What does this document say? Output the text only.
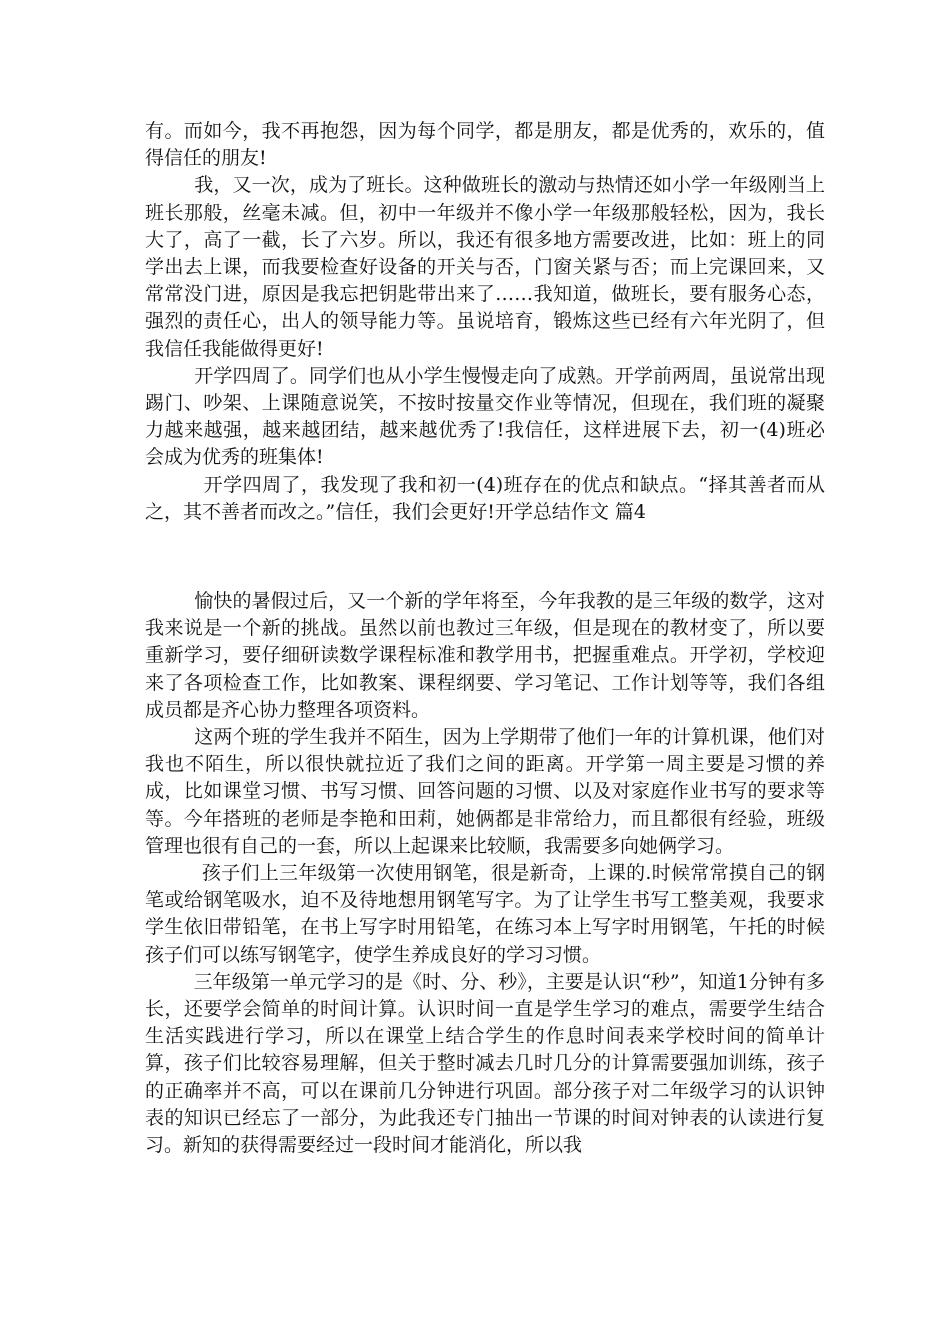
有。而如今，我不再抱怨，因为每个同学，都是朋友，都是优秀的，欢乐的，值得信任的朋友!

我，又一次，成为了班长。这种做班长的激动与热情还如小学一年级刚当上班长那般，丝毫未减。但，初中一年级并不像小学一年级那般轻松，因为，我长大了，高了一截，长了六岁。所以，我还有很多地方需要改进，比如：班上的同学出去上课，而我要检查好设备的开关与否，门窗关紧与否；而上完课回来，又常常没门进，原因是我忘把钥匙带出来了……我知道，做班长，要有服务心态，强烈的责任心，出人的领导能力等。虽说培育，锻炼这些已经有六年光阴了，但我信任我能做得更好!

开学四周了。同学们也从小学生慢慢走向了成熟。开学前两周，虽说常出现踢门、吵架、上课随意说笑，不按时按量交作业等情况，但现在，我们班的凝聚力越来越强，越来越团结，越来越优秀了!我信任，这样进展下去，初一(4)班必会成为优秀的班集体!

开学四周了，我发现了我和初一(4)班存在的优点和缺点。“择其善者而从之，其不善者而改之。”信任，我们会更好!开学总结作文 篇4

愉快的暑假过后，又一个新的学年将至，今年我教的是三年级的数学，这对我来说是一个新的挑战。虽然以前也教过三年级，但是现在的教材变了，所以要重新学习，要仔细研读数学课程标准和教学用书，把握重难点。开学初，学校迎来了各项检查工作，比如教案、课程纲要、学习笔记、工作计划等等，我们各组成员都是齐心协力整理各项资料。

这两个班的学生我并不陌生，因为上学期带了他们一年的计算机课，他们对我也不陌生，所以很快就拉近了我们之间的距离。开学第一周主要是习惯的养成，比如课堂习惯、书写习惯、回答问题的习惯、以及对家庭作业书写的要求等等。今年搭班的老师是李艳和田莉，她俩都是非常给力，而且都很有经验，班级管理也很有自己的一套，所以上起课来比较顺，我需要多向她俩学习。

孩子们上三年级第一次使用钢笔，很是新奇，上课的.时候常常摸自己的钢笔或给钢笔吸水，迫不及待地想用钢笔写字。为了让学生书写工整美观，我要求学生依旧带铅笔，在书上写字时用铅笔，在练习本上写字时用钢笔，午托的时候孩子们可以练写钢笔字，使学生养成良好的学习习惯。

三年级第一单元学习的是《时、分、秒》，主要是认识“秒”，知道1分钟有多长，还要学会简单的时间计算。认识时间一直是学生学习的难点，需要学生结合生活实践进行学习，所以在课堂上结合学生的作息时间表来学校时间的简单计算，孩子们比较容易理解，但关于整时减去几时几分的计算需要强加训练，孩子的正确率并不高，可以在课前几分钟进行巩固。部分孩子对二年级学习的认识钟表的知识已经忘了一部分，为此我还专门抽出一节课的时间对钟表的认读进行复习。新知的获得需要经过一段时间才能消化，所以我
